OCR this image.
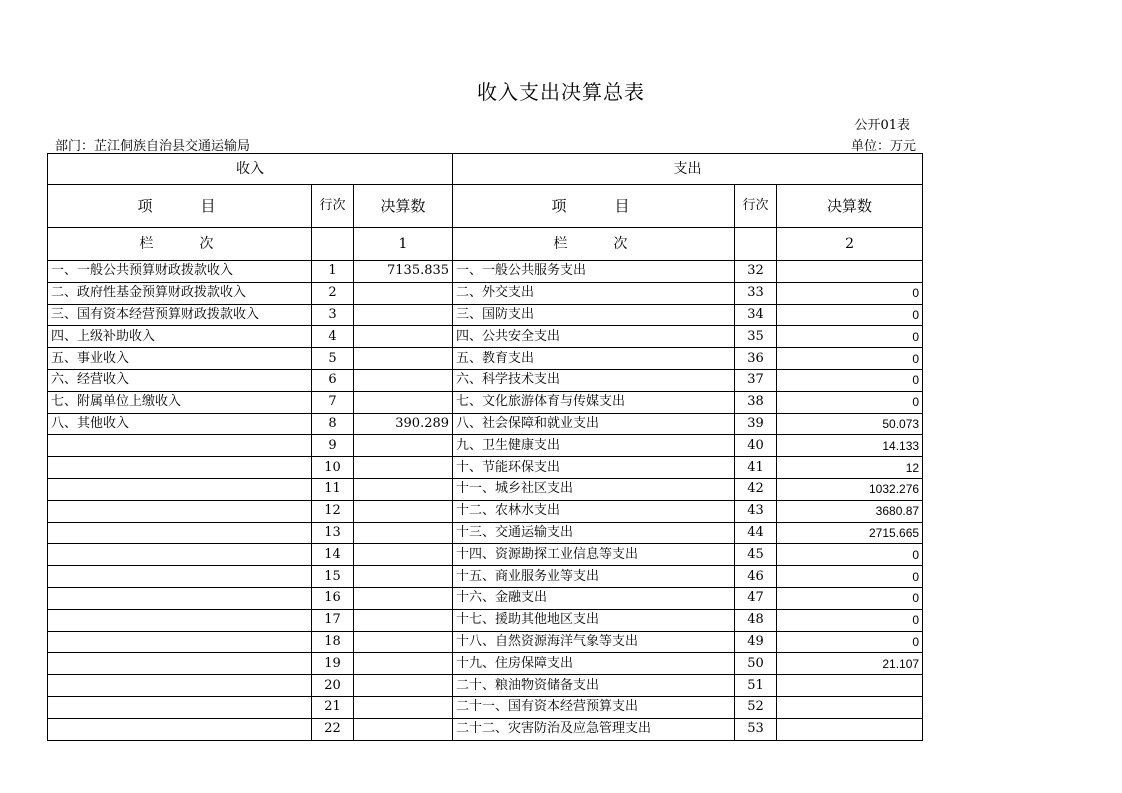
收入支出决算总表
公开01表
部门：芷江侗族自治县交通运输局	单位：万元
收入			支出		
项　　目	行次	决算数	项　　目	行次	决算数
栏　　次		1	栏　　次		2
一、一般公共预算财政拨款收入	1	7135.835	一、一般公共服务支出	32	
二、政府性基金预算财政拨款收入	2		二、外交支出	33	0
三、国有资本经营预算财政拨款收入	3		三、国防支出	34	0
四、上级补助收入	4		四、公共安全支出	35	0
五、事业收入	5		五、教育支出	36	0
六、经营收入	6		六、科学技术支出	37	0
七、附属单位上缴收入	7		七、文化旅游体育与传媒支出	38	0
八、其他收入	8	390.289	八、社会保障和就业支出	39	50.073
	9		九、卫生健康支出	40	14.133
	10		十、节能环保支出	41	12
	11		十一、城乡社区支出	42	1032.276
	12		十二、农林水支出	43	3680.87
	13		十三、交通运输支出	44	2715.665
	14		十四、资源勘探工业信息等支出	45	0
	15		十五、商业服务业等支出	46	0
	16		十六、金融支出	47	0
	17		十七、援助其他地区支出	48	0
	18		十八、自然资源海洋气象等支出	49	0
	19		十九、住房保障支出	50	21.107
	20		二十、粮油物资储备支出	51	
	21		二十一、国有资本经营预算支出	52	
	22		二十二、灾害防治及应急管理支出	53	
